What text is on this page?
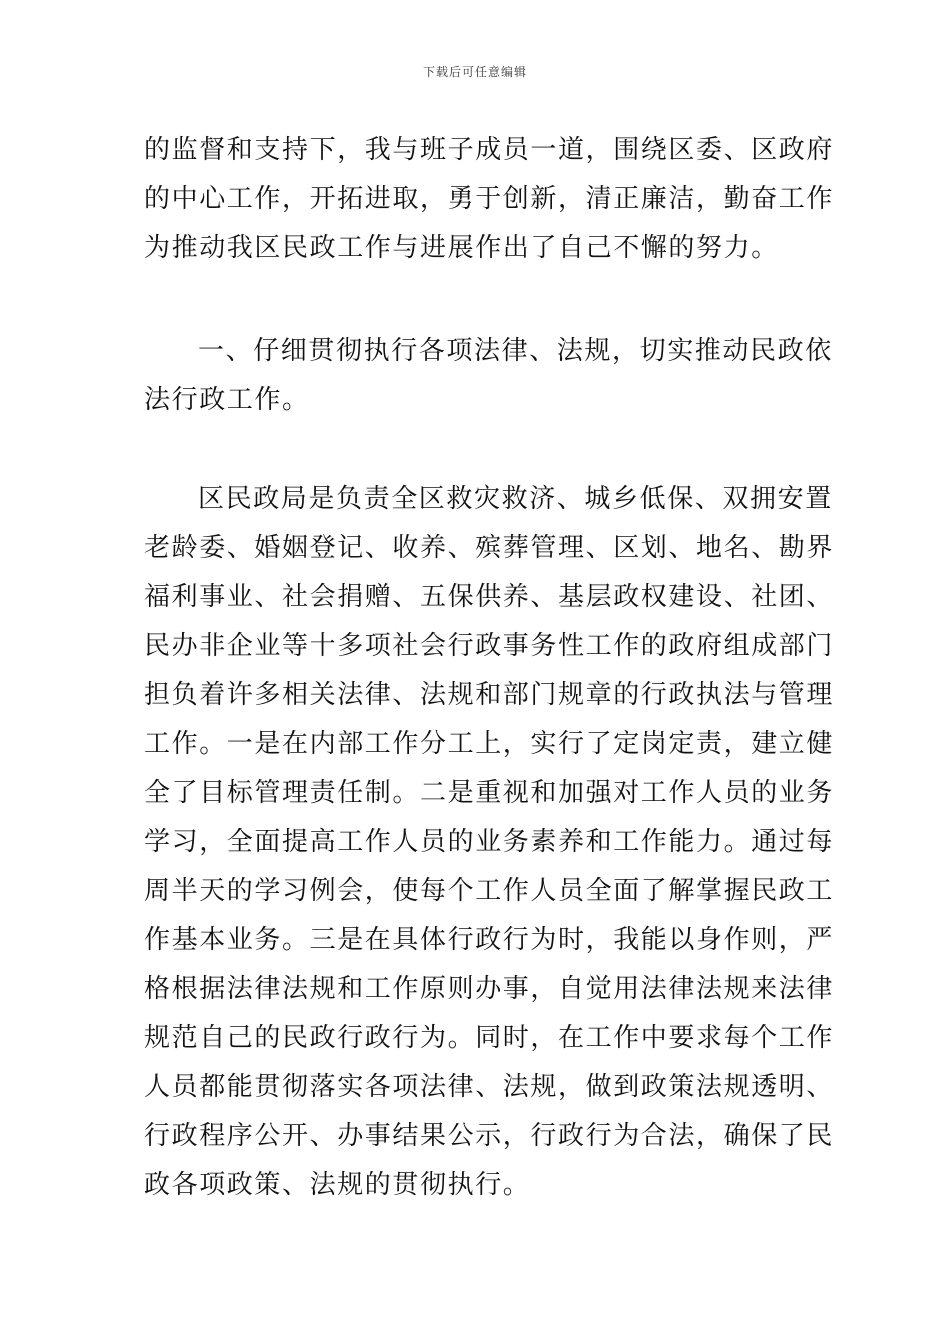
下载后可任意编辑
的监督和支持下，我与班子成员一道，围绕区委、区政府
的中心工作，开拓进取，勇于创新，清正廉洁，勤奋工作
为推动我区民政工作与进展作出了自己不懈的努力。
一、仔细贯彻执行各项法律、法规，切实推动民政依
法行政工作。
区民政局是负责全区救灾救济、城乡低保、双拥安置
老龄委、婚姻登记、收养、殡葬管理、区划、地名、勘界
福利事业、社会捐赠、五保供养、基层政权建设、社团、
民办非企业等十多项社会行政事务性工作的政府组成部门
担负着许多相关法律、法规和部门规章的行政执法与管理
工作。一是在内部工作分工上，实行了定岗定责，建立健
全了目标管理责任制。二是重视和加强对工作人员的业务
学习，全面提高工作人员的业务素养和工作能力。通过每
周半天的学习例会，使每个工作人员全面了解掌握民政工
作基本业务。三是在具体行政行为时，我能以身作则，严
格根据法律法规和工作原则办事，自觉用法律法规来法律
规范自己的民政行政行为。同时，在工作中要求每个工作
人员都能贯彻落实各项法律、法规，做到政策法规透明、
行政程序公开、办事结果公示，行政行为合法，确保了民
政各项政策、法规的贯彻执行。
